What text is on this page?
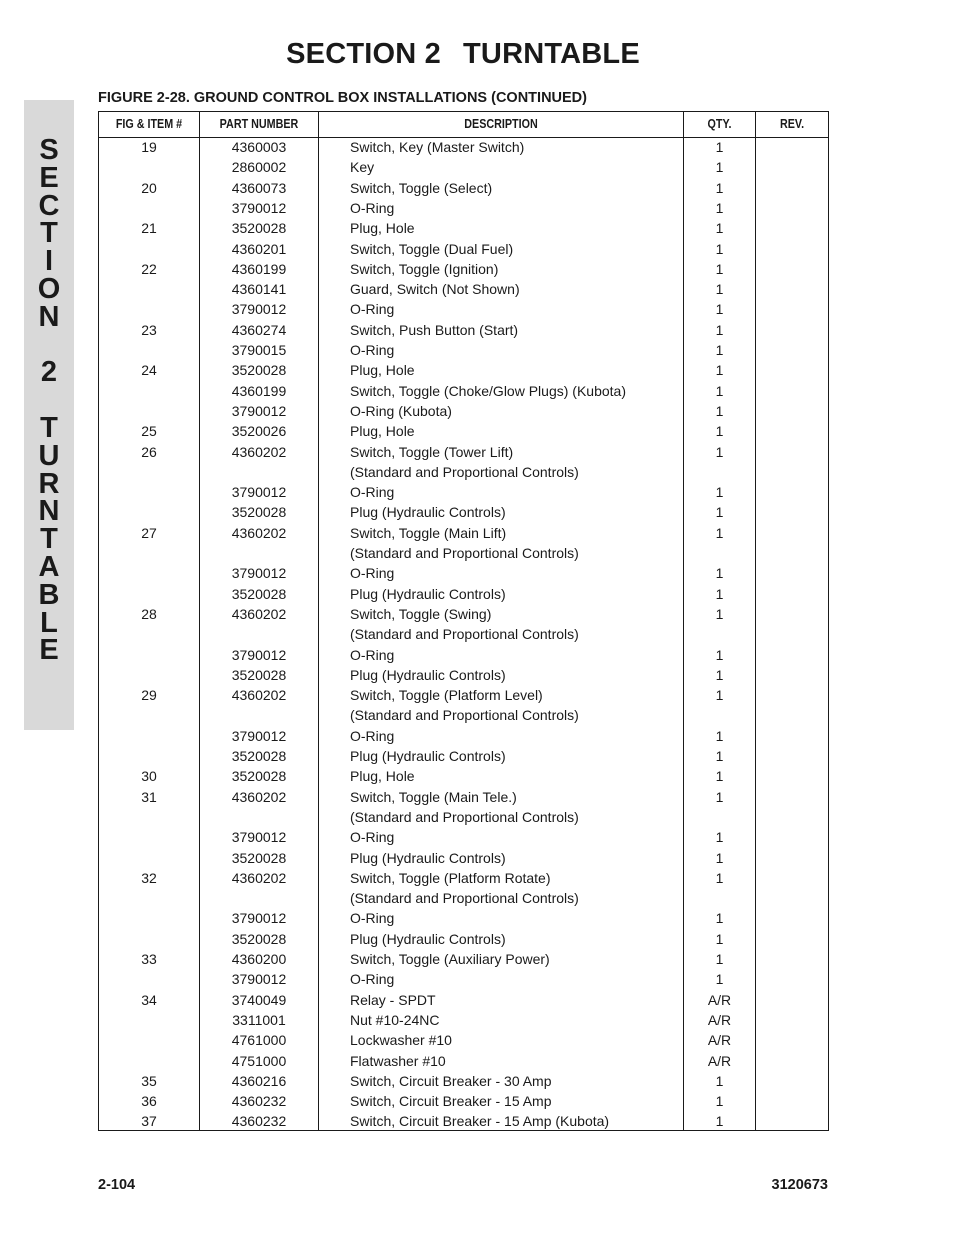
SECTION 2 TURNTABLE
S
E
C
T
I
O
N
2
T
U
R
N
T
A
B
L
E
FIGURE 2-28. GROUND CONTROL BOX INSTALLATIONS (CONTINUED)
FIG & ITEM #	PART NUMBER	DESCRIPTION	QTY.	REV.
19	4360003	Switch, Key (Master Switch)	1
2860002	Key	1
20	4360073	Switch, Toggle (Select)	1
3790012	O-Ring	1
21	3520028	Plug, Hole	1
4360201	Switch, Toggle (Dual Fuel)	1
22	4360199	Switch, Toggle (Ignition)	1
4360141	Guard, Switch (Not Shown)	1
3790012	O-Ring	1
23	4360274	Switch, Push Button (Start)	1
3790015	O-Ring	1
24	3520028	Plug, Hole	1
4360199	Switch, Toggle (Choke/Glow Plugs) (Kubota)	1
3790012	O-Ring (Kubota)	1
25	3520026	Plug, Hole	1
26	4360202	Switch, Toggle (Tower Lift)	1
(Standard and Proportional Controls)
3790012	O-Ring	1
3520028	Plug (Hydraulic Controls)	1
27	4360202	Switch, Toggle (Main Lift)	1
(Standard and Proportional Controls)
3790012	O-Ring	1
3520028	Plug (Hydraulic Controls)	1
28	4360202	Switch, Toggle (Swing)	1
(Standard and Proportional Controls)
3790012	O-Ring	1
3520028	Plug (Hydraulic Controls)	1
29	4360202	Switch, Toggle (Platform Level)	1
(Standard and Proportional Controls)
3790012	O-Ring	1
3520028	Plug (Hydraulic Controls)	1
30	3520028	Plug, Hole	1
31	4360202	Switch, Toggle (Main Tele.)	1
(Standard and Proportional Controls)
3790012	O-Ring	1
3520028	Plug (Hydraulic Controls)	1
32	4360202	Switch, Toggle (Platform Rotate)	1
(Standard and Proportional Controls)
3790012	O-Ring	1
3520028	Plug (Hydraulic Controls)	1
33	4360200	Switch, Toggle (Auxiliary Power)	1
3790012	O-Ring	1
34	3740049	Relay - SPDT	A/R
3311001	Nut #10-24NC	A/R
4761000	Lockwasher #10	A/R
4751000	Flatwasher #10	A/R
35	4360216	Switch, Circuit Breaker - 30 Amp	1
36	4360232	Switch, Circuit Breaker - 15 Amp	1
37	4360232	Switch, Circuit Breaker - 15 Amp (Kubota)	1
2-104	3120673
